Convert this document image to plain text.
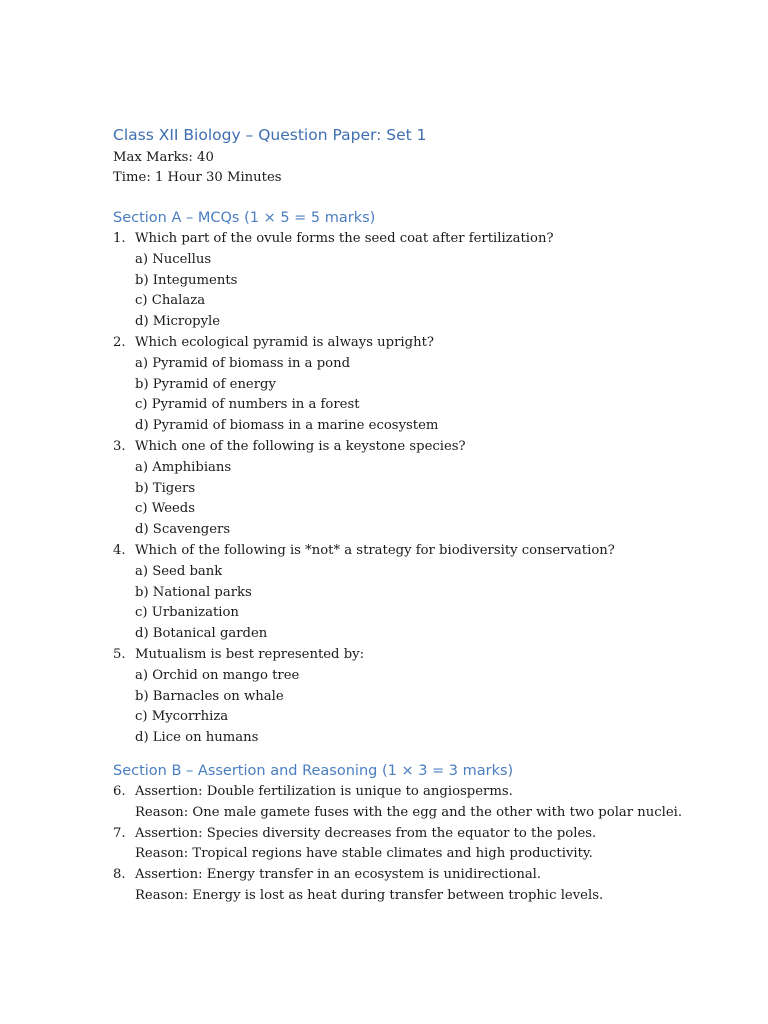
Class XII Biology – Question Paper: Set 1

Max Marks: 40

Time: 1 Hour 30 Minutes

Section A – MCQs (1 × 5 = 5 marks)
1. Which part of the ovule forms the seed coat after fertilization?
a) Nucellus
b) Integuments
c) Chalaza
d) Micropyle
2. Which ecological pyramid is always upright?
a) Pyramid of biomass in a pond
b) Pyramid of energy
c) Pyramid of numbers in a forest
d) Pyramid of biomass in a marine ecosystem
3. Which one of the following is a keystone species?
a) Amphibians
b) Tigers
c) Weeds
d) Scavengers
4. Which of the following is *not* a strategy for biodiversity conservation?
a) Seed bank
b) National parks
c) Urbanization
d) Botanical garden
5. Mutualism is best represented by:
a) Orchid on mango tree
b) Barnacles on whale
c) Mycorrhiza
d) Lice on humans
Section B – Assertion and Reasoning (1 × 3 = 3 marks)
6. Assertion: Double fertilization is unique to angiosperms.
Reason: One male gamete fuses with the egg and the other with two polar nuclei.
7. Assertion: Species diversity decreases from the equator to the poles.
Reason: Tropical regions have stable climates and high productivity.
8. Assertion: Energy transfer in an ecosystem is unidirectional.
Reason: Energy is lost as heat during transfer between trophic levels.
